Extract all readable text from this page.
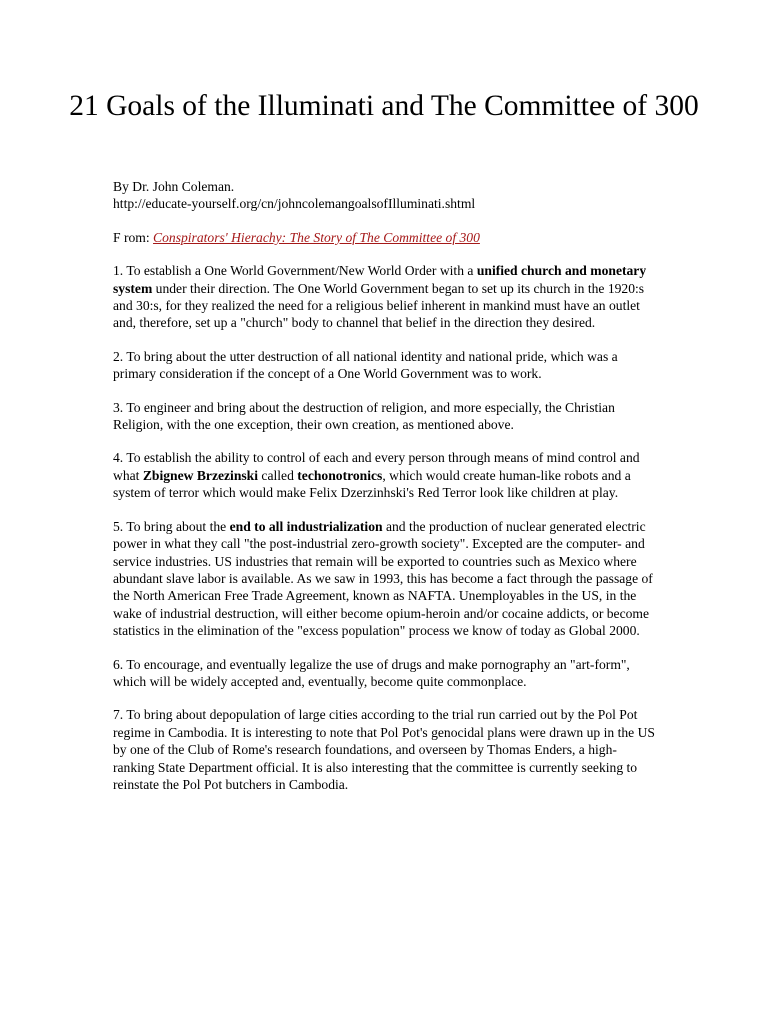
21 Goals of the Illuminati and The Committee of 300

By Dr. John Coleman.
http://educate-yourself.org/cn/johncolemangoalsofIlluminati.shtml

F rom: Conspirators' Hierachy: The Story of The Committee of 300

1. To establish a One World Government/New World Order with a unified church and monetary system under their direction. The One World Government began to set up its church in the 1920:s and 30:s, for they realized the need for a religious belief inherent in mankind must have an outlet and, therefore, set up a "church" body to channel that belief in the direction they desired.

2. To bring about the utter destruction of all national identity and national pride, which was a primary consideration if the concept of a One World Government was to work.

3. To engineer and bring about the destruction of religion, and more especially, the Christian Religion, with the one exception, their own creation, as mentioned above.

4. To establish the ability to control of each and every person through means of mind control and what Zbignew Brzezinski called techonotronics, which would create human-like robots and a system of terror which would make Felix Dzerzinhski's Red Terror look like children at play.

5. To bring about the end to all industrialization and the production of nuclear generated electric power in what they call "the post-industrial zero-growth society". Excepted are the computer- and service industries. US industries that remain will be exported to countries such as Mexico where abundant slave labor is available. As we saw in 1993, this has become a fact through the passage of the North American Free Trade Agreement, known as NAFTA. Unemployables in the US, in the wake of industrial destruction, will either become opium-heroin and/or cocaine addicts, or become statistics in the elimination of the "excess population" process we know of today as Global 2000.

6. To encourage, and eventually legalize the use of drugs and make pornography an "art-form", which will be widely accepted and, eventually, become quite commonplace.

7. To bring about depopulation of large cities according to the trial run carried out by the Pol Pot regime in Cambodia. It is interesting to note that Pol Pot's genocidal plans were drawn up in the US by one of the Club of Rome's research foundations, and overseen by Thomas Enders, a high-ranking State Department official. It is also interesting that the committee is currently seeking to reinstate the Pol Pot butchers in Cambodia.
